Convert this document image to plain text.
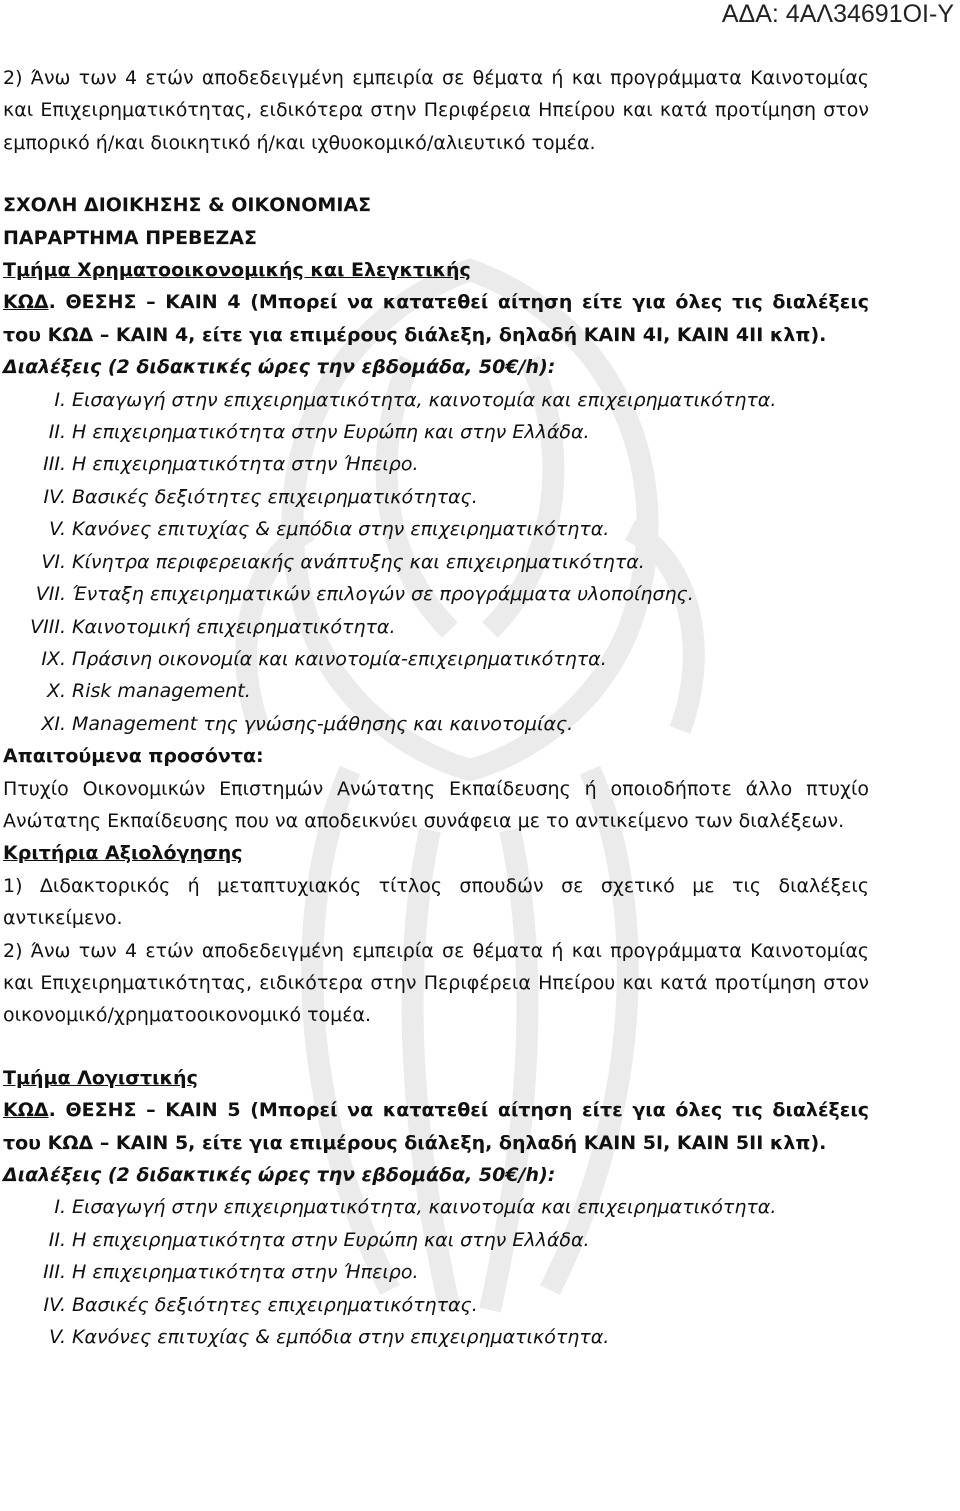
ΑΔΑ: 4ΑΛ34691ΟΙ-Υ

2) Άνω των 4 ετών αποδεδειγμένη εμπειρία σε θέματα ή και προγράμματα Καινοτομίας και Επιχειρηματικότητας, ειδικότερα στην Περιφέρεια Ηπείρου και κατά προτίμηση στον εμπορικό ή/και διοικητικό ή/και ιχθυοκομικό/αλιευτικό τομέα.

ΣΧΟΛΗ ΔΙΟΙΚΗΣΗΣ & ΟΙΚΟΝΟΜΙΑΣ

ΠΑΡΑΡΤΗΜΑ ΠΡΕΒΕΖΑΣ

Τμήμα Χρηματοοικονομικής και Ελεγκτικής

ΚΩΔ. ΘΕΣΗΣ – ΚΑΙΝ 4 (Μπορεί να κατατεθεί αίτηση είτε για όλες τις διαλέξεις του ΚΩΔ – ΚΑΙΝ 4, είτε για επιμέρους διάλεξη, δηλαδή ΚΑΙΝ 4Ι, ΚΑΙΝ 4ΙΙ κλπ).

Διαλέξεις (2 διδακτικές ώρες την εβδομάδα, 50€/h):

I. Εισαγωγή στην επιχειρηματικότητα, καινοτομία και επιχειρηματικότητα.
II. Η επιχειρηματικότητα στην Ευρώπη και στην Ελλάδα.
III. Η επιχειρηματικότητα στην Ήπειρο.
IV. Βασικές δεξιότητες επιχειρηματικότητας.
V. Κανόνες επιτυχίας & εμπόδια στην επιχειρηματικότητα.
VI. Κίνητρα περιφερειακής ανάπτυξης και επιχειρηματικότητα.
VII. Ένταξη επιχειρηματικών επιλογών σε προγράμματα υλοποίησης.
VIII. Καινοτομική επιχειρηματικότητα.
IX. Πράσινη οικονομία και καινοτομία-επιχειρηματικότητα.
X. Risk management.
XI. Management της γνώσης-μάθησης και καινοτομίας.

Απαιτούμενα προσόντα:

Πτυχίο Οικονομικών Επιστημών Ανώτατης Εκπαίδευσης ή οποιοδήποτε άλλο πτυχίο Ανώτατης Εκπαίδευσης που να αποδεικνύει συνάφεια με το αντικείμενο των διαλέξεων.

Κριτήρια Αξιολόγησης

1) Διδακτορικός ή μεταπτυχιακός τίτλος σπουδών σε σχετικό με τις διαλέξεις αντικείμενο.

2) Άνω των 4 ετών αποδεδειγμένη εμπειρία σε θέματα ή και προγράμματα Καινοτομίας και Επιχειρηματικότητας, ειδικότερα στην Περιφέρεια Ηπείρου και κατά προτίμηση στον οικονομικό/χρηματοοικονομικό τομέα.

Τμήμα Λογιστικής

ΚΩΔ. ΘΕΣΗΣ – ΚΑΙΝ 5 (Μπορεί να κατατεθεί αίτηση είτε για όλες τις διαλέξεις του ΚΩΔ – ΚΑΙΝ 5, είτε για επιμέρους διάλεξη, δηλαδή ΚΑΙΝ 5Ι, ΚΑΙΝ 5ΙΙ κλπ).

Διαλέξεις (2 διδακτικές ώρες την εβδομάδα, 50€/h):

I. Εισαγωγή στην επιχειρηματικότητα, καινοτομία και επιχειρηματικότητα.
II. Η επιχειρηματικότητα στην Ευρώπη και στην Ελλάδα.
III. Η επιχειρηματικότητα στην Ήπειρο.
IV. Βασικές δεξιότητες επιχειρηματικότητας.
V. Κανόνες επιτυχίας & εμπόδια στην επιχειρηματικότητα.
